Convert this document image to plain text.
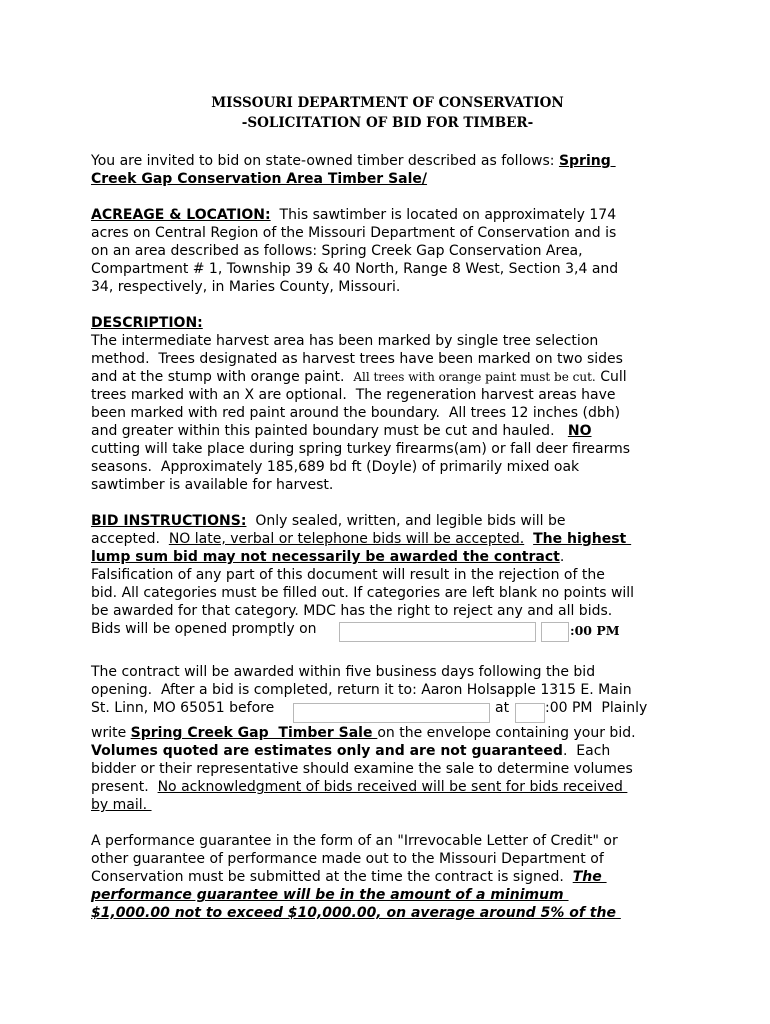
MISSOURI DEPARTMENT OF CONSERVATION
-SOLICITATION OF BID FOR TIMBER-
You are invited to bid on state-owned timber described as follows: Spring
Creek Gap Conservation Area Timber Sale/
ACREAGE & LOCATION:  This sawtimber is located on approximately 174
acres on Central Region of the Missouri Department of Conservation and is
on an area described as follows: Spring Creek Gap Conservation Area,
Compartment # 1, Township 39 & 40 North, Range 8 West, Section 3,4 and
34, respectively, in Maries County, Missouri.
DESCRIPTION:
The intermediate harvest area has been marked by single tree selection
method.  Trees designated as harvest trees have been marked on two sides
and at the stump with orange paint.  All trees with orange paint must be cut. Cull
trees marked with an X are optional.  The regeneration harvest areas have
been marked with red paint around the boundary.  All trees 12 inches (dbh)
and greater within this painted boundary must be cut and hauled.   NO
cutting will take place during spring turkey firearms(am) or fall deer firearms
seasons.  Approximately 185,689 bd ft (Doyle) of primarily mixed oak
sawtimber is available for harvest.
BID INSTRUCTIONS:  Only sealed, written, and legible bids will be
accepted.  NO late, verbal or telephone bids will be accepted. The highest
lump sum bid may not necessarily be awarded the contract.
Falsification of any part of this document will result in the rejection of the
bid. All categories must be filled out. If categories are left blank no points will
be awarded for that category. MDC has the right to reject any and all bids.
Bids will be opened promptly on	:00 PM
The contract will be awarded within five business days following the bid
opening.  After a bid is completed, return it to: Aaron Holsapple 1315 E. Main
St. Linn, MO 65051 before	at	:00 PM  Plainly
write Spring Creek Gap  Timber Sale on the envelope containing your bid.
Volumes quoted are estimates only and are not guaranteed.  Each
bidder or their representative should examine the sale to determine volumes
present.  No acknowledgment of bids received will be sent for bids received
by mail.
A performance guarantee in the form of an "Irrevocable Letter of Credit" or
other guarantee of performance made out to the Missouri Department of
Conservation must be submitted at the time the contract is signed.  The
performance guarantee will be in the amount of a minimum
$1,000.00 not to exceed $10,000.00, on average around 5% of the
